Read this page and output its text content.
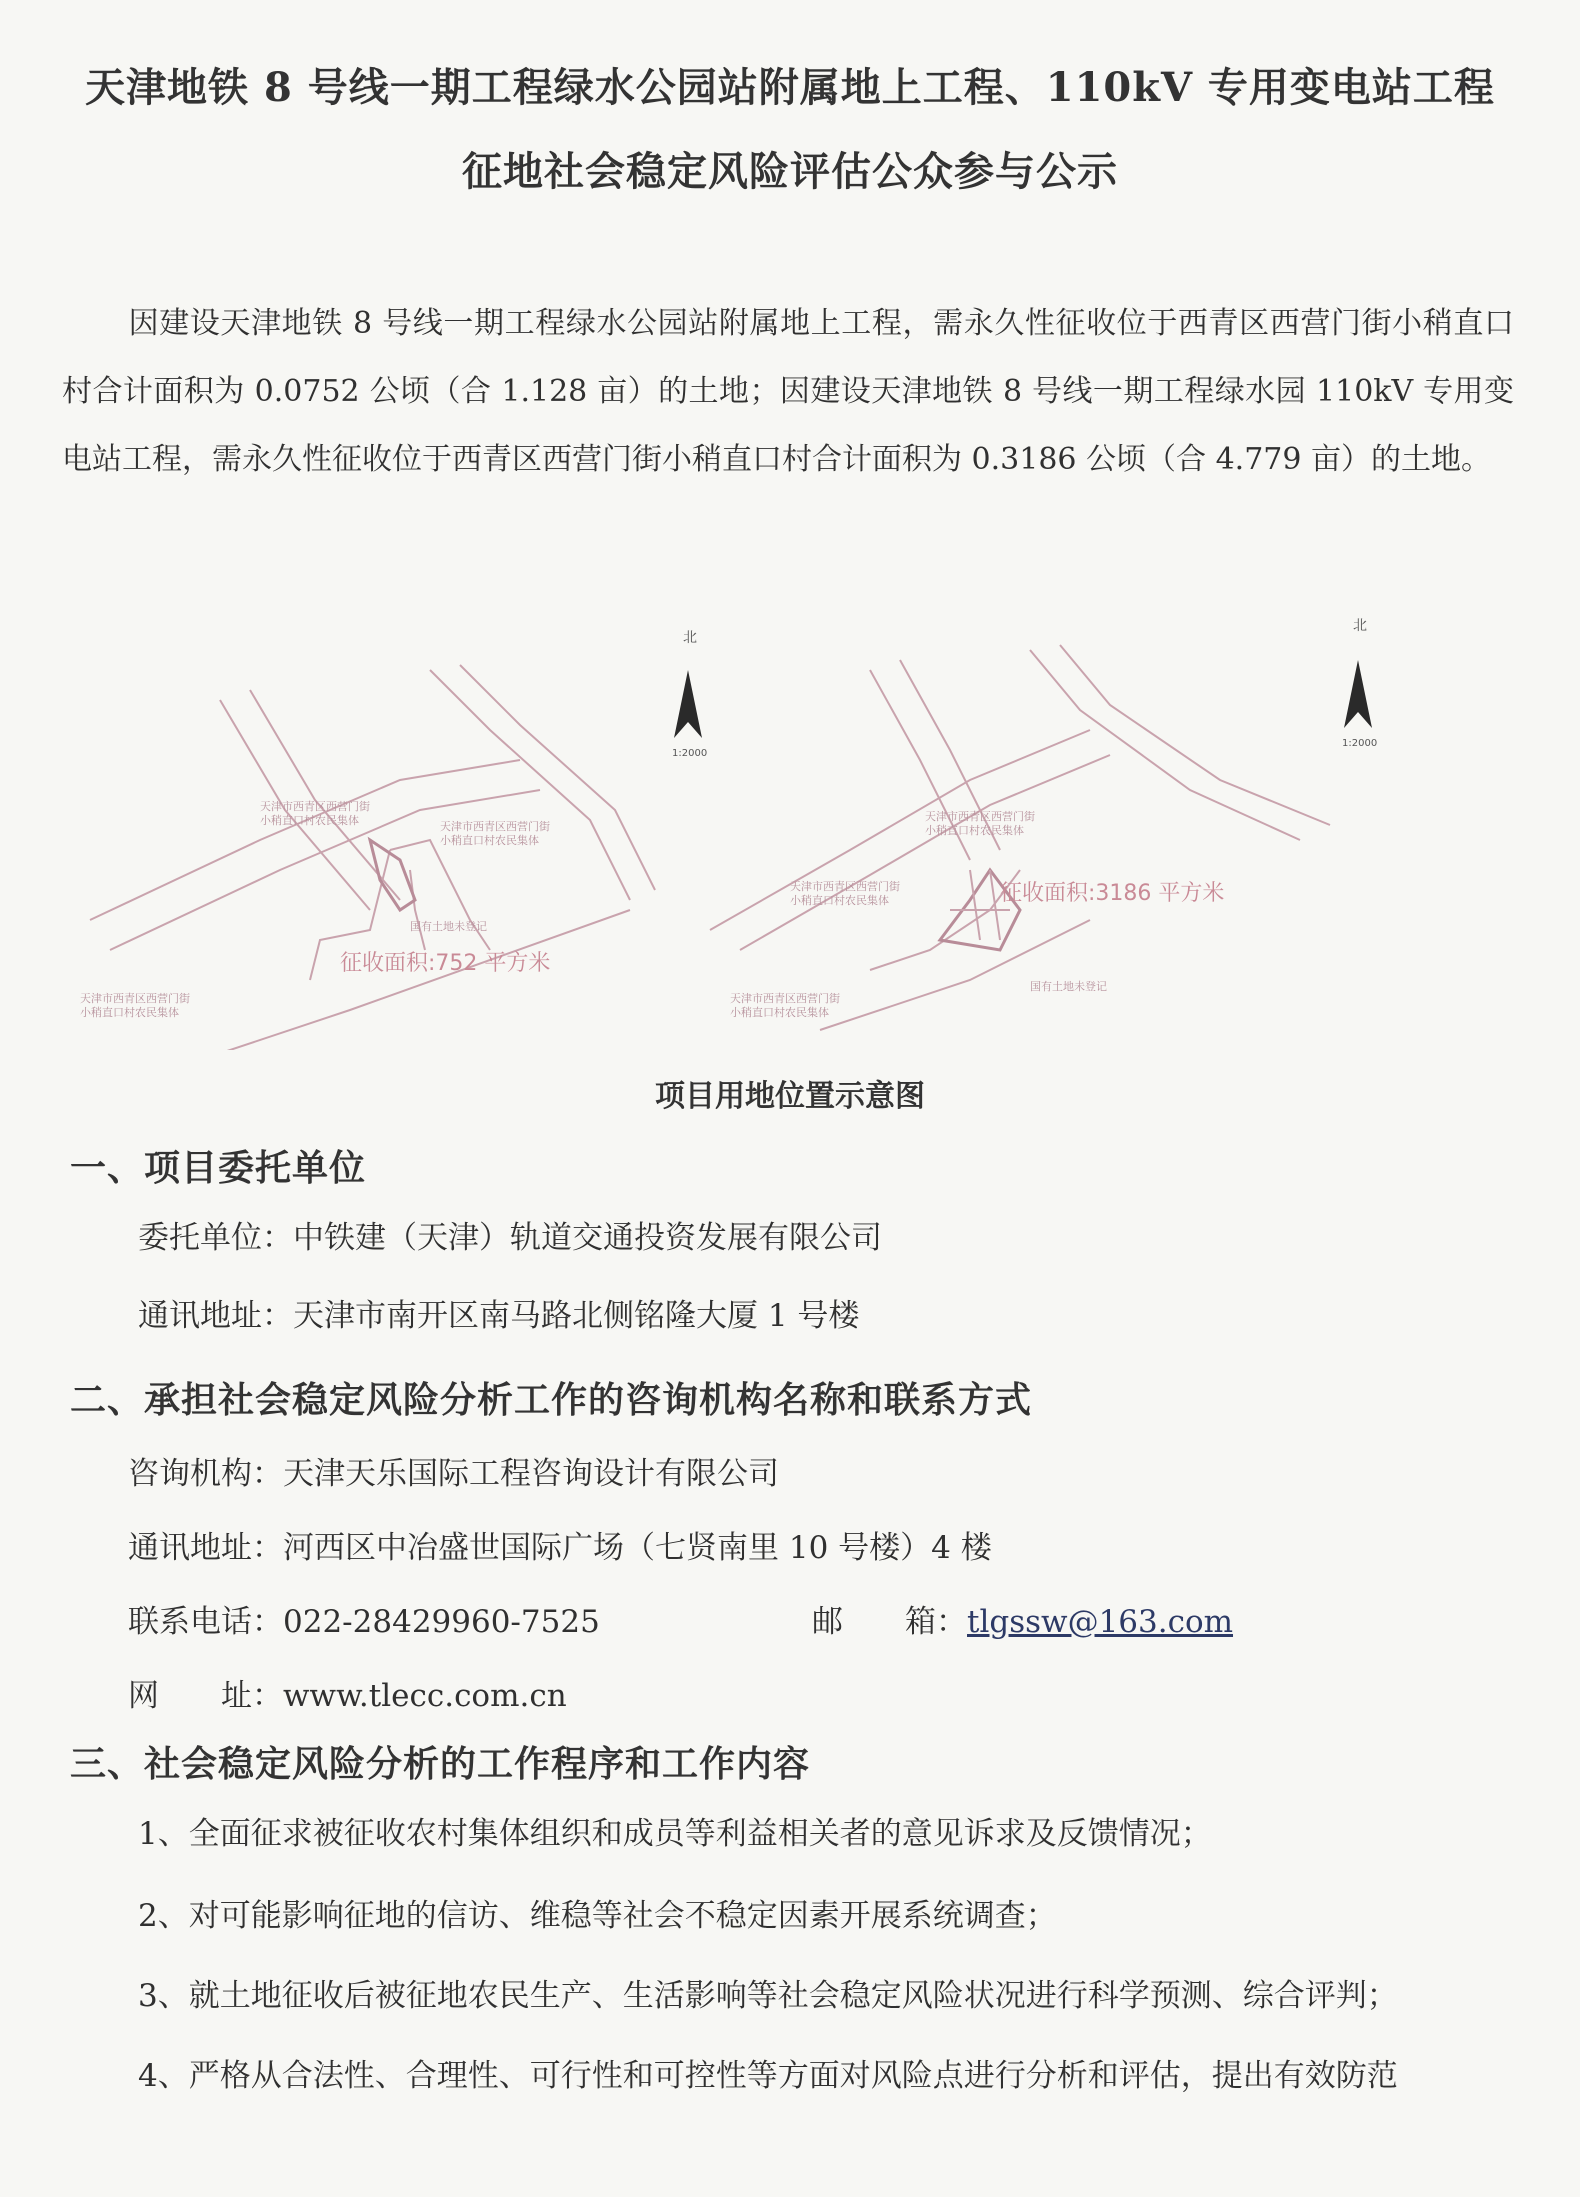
天津地铁 8 号线一期工程绿水公园站附属地上工程、110kV 专用变电站工程
征地社会稳定风险评估公众参与公示
因建设天津地铁 8 号线一期工程绿水公园站附属地上工程，需永久性征收位于西青区西营门街小稍直口村合计面积为 0.0752 公顷（合 1.128 亩）的土地；因建设天津地铁 8 号线一期工程绿水园 110kV 专用变电站工程，需永久性征收位于西青区西营门街小稍直口村合计面积为 0.3186 公顷（合 4.779 亩）的土地。
天津市西青区西营门街
小稍直口村农民集体	天津市西青区西营门街
小稍直口村农民集体
国有土地未登记
天津市西青区西营门街
小稍直口村农民集体
征收面积:752 平方米
北
1:2000
天津市西青区西营门街
小稍直口村农民集体
天津市西青区西营门街
小稍直口村农民集体
国有土地未登记
天津市西青区西营门街
小稍直口村农民集体
征收面积:3186 平方米
北
1:2000
项目用地位置示意图
一、项目委托单位
委托单位：中铁建（天津）轨道交通投资发展有限公司
通讯地址：天津市南开区南马路北侧铭隆大厦 1 号楼
二、承担社会稳定风险分析工作的咨询机构名称和联系方式
咨询机构：天津天乐国际工程咨询设计有限公司
通讯地址：河西区中冶盛世国际广场（七贤南里 10 号楼）4 楼
联系电话：022-28429960-7525	邮　　箱：tlgssw@163.com
网　　址：www.tlecc.com.cn
三、社会稳定风险分析的工作程序和工作内容
1、全面征求被征收农村集体组织和成员等利益相关者的意见诉求及反馈情况；
2、对可能影响征地的信访、维稳等社会不稳定因素开展系统调查；
3、就土地征收后被征地农民生产、生活影响等社会稳定风险状况进行科学预测、综合评判；
4、严格从合法性、合理性、可行性和可控性等方面对风险点进行分析和评估，提出有效防范
